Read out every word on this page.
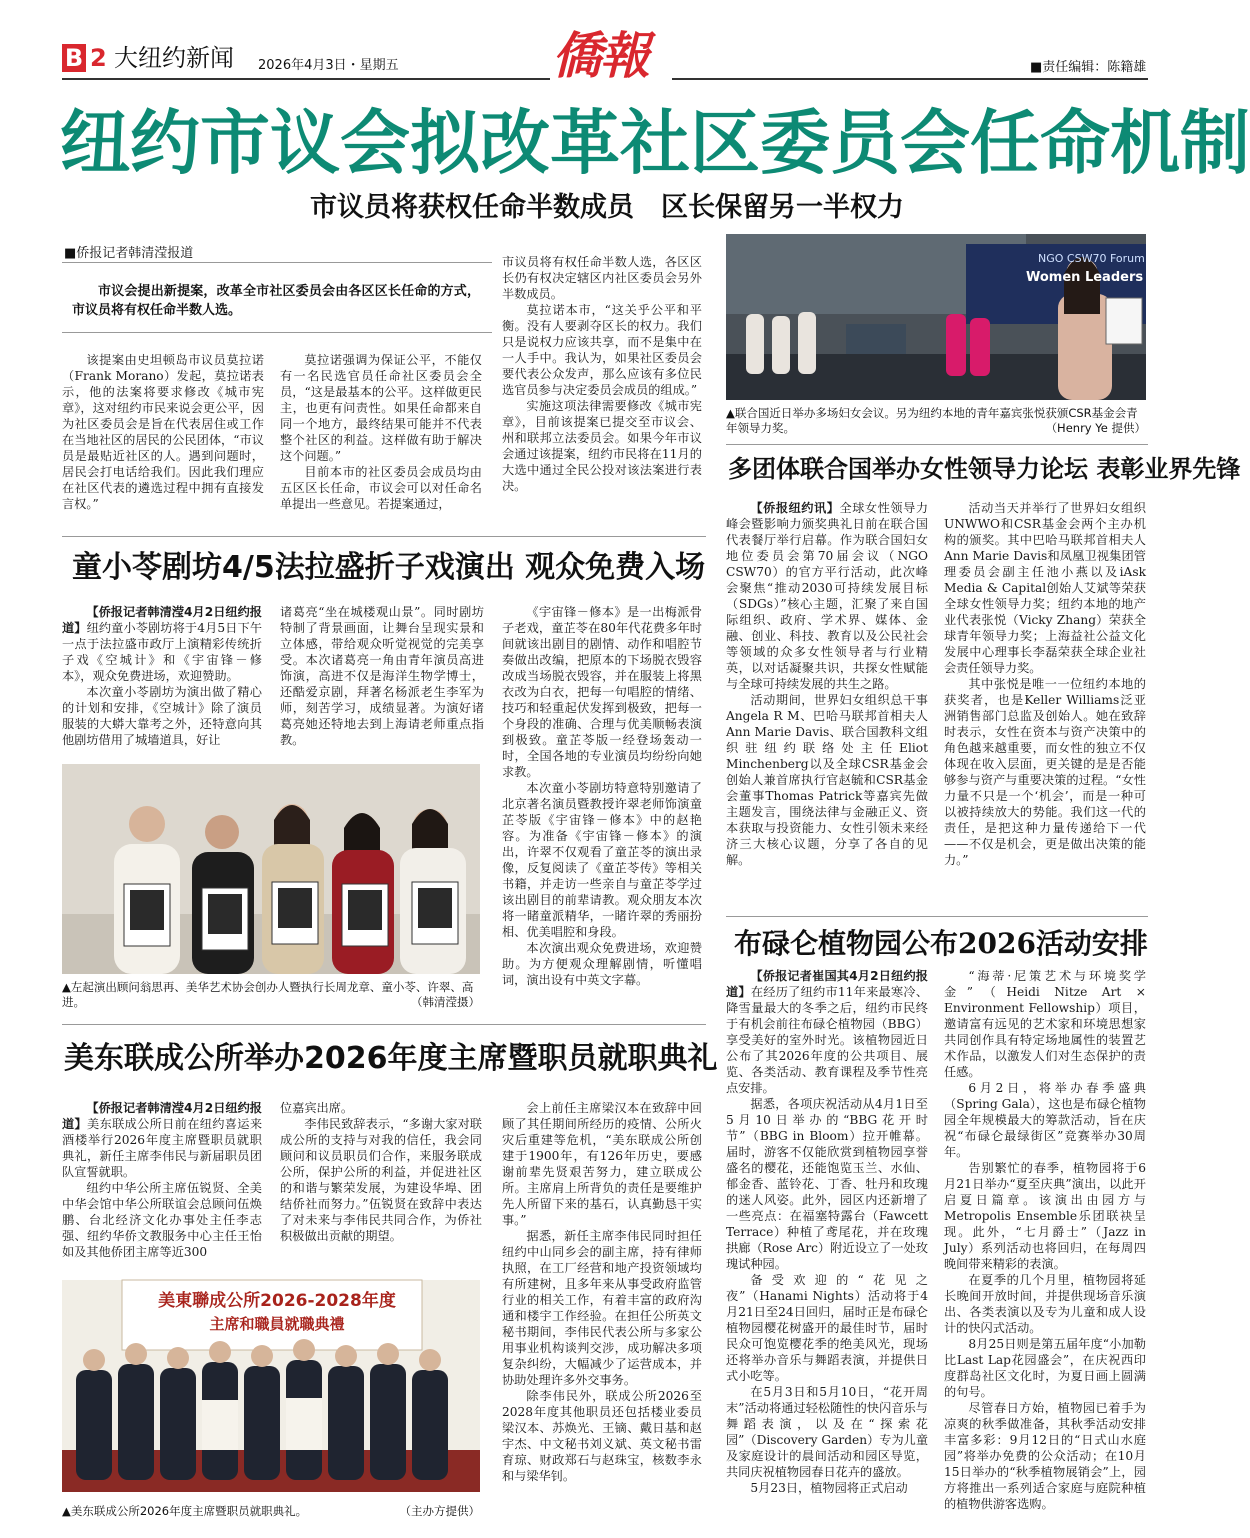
B 2 大纽约新闻 2026年4月3日・星期五	僑報	■责任编辑：陈籍雄
纽约市议会拟改革社区委员会任命机制
市议员将获权任命半数成员　区长保留另一半权力
■侨报记者韩清滢报道
市议会提出新提案，改革全市社区委员会由各区区长任命的方式，市议员将有权任命半数人选。

该提案由史坦顿岛市议员莫拉诺（Frank Morano）发起，莫拉诺表示，他的法案将要求修改《城市宪章》，这对纽约市民来说会更公平，因为社区委员会是旨在代表居住或工作在当地社区的居民的公民团体，“市议员是最贴近社区的人。遇到问题时，居民会打电话给我们。因此我们理应在社区代表的遴选过程中拥有直接发言权。”

莫拉诺强调为保证公平，不能仅有一名民选官员任命社区委员会全员，“这是最基本的公平。这样做更民主，也更有问责性。如果任命都来自同一个地方，最终结果可能并不代表整个社区的利益。这样做有助于解决这个问题。”

目前本市的社区委员会成员均由五区区长任命，市议会可以对任命名单提出一些意见。若提案通过，

市议员将有权任命半数人选，各区区长仍有权决定辖区内社区委员会另外半数成员。

莫拉诺本市，“这关乎公平和平衡。没有人要剥夺区长的权力。我们只是说权力应该共享，而不是集中在一人手中。我认为，如果社区委员会要代表公众发声，那么应该有多位民选官员参与决定委员会成员的组成。”

实施这项法律需要修改《城市宪章》，目前该提案已提交至市议会、州和联邦立法委员会。如果今年市议会通过该提案，纽约市民将在11月的大选中通过全民公投对该法案进行表决。

童小苓剧坊4/5法拉盛折子戏演出 观众免费入场

【侨报记者韩清滢4月2日纽约报道】纽约童小苓剧坊将于4月5日下午一点于法拉盛市政厅上演精彩传统折子戏《空城计》和《宇宙锋－修本》，观众免费进场，欢迎赞助。

本次童小苓剧坊为演出做了精心的计划和安排，《空城计》除了演员服装的大蟒大靠考之外，还特意向其他剧坊借用了城墙道具，好让

诸葛亮“坐在城楼观山景”。同时剧坊特制了背景画面，让舞台呈现实景和立体感，带给观众听觉视觉的完美享受。本次诸葛亮一角由青年演员高进饰演，高进不仅是海洋生物学博士，还酷爱京剧，拜著名杨派老生李军为师，刻苦学习，成绩显著。为演好诸葛亮她还特地去到上海请老师重点指教。

《宇宙锋－修本》是一出梅派骨子老戏，童芷苓在80年代花费多年时间就该出剧目的剧情、动作和唱腔节奏做出改编，把原本的下场脱衣毁容改成当场脱衣毁容，并在服装上将黑衣改为白衣，把每一句唱腔的情绪、技巧和轻重起伏发挥到极致，把每一个身段的准确、合理与优美顺畅表演到极致。童芷苓版一经登场轰动一时，全国各地的专业演员均纷纷向她求教。

本次童小苓剧坊特意特别邀请了北京著名演员暨教授许翠老师饰演童芷苓版《宇宙锋－修本》中的赵艳容。为准备《宇宙锋－修本》的演出，许翠不仅观看了童芷苓的演出录像，反复阅读了《童芷苓传》等相关书籍，并走访一些亲自与童芷苓学过该出剧目的前辈请教。观众朋友本次将一睹童派精华，一睹许翠的秀丽扮相、优美唱腔和身段。

本次演出观众免费进场，欢迎赞助。为方便观众理解剧情，听懂唱词，演出设有中英文字幕。

▲左起演出顾问翁思再、美华艺术协会创办人暨执行长周龙章、童小苓、许翠、高进。	（韩清滢摄）
美东联成公所举办2026年度主席暨职员就职典礼

【侨报记者韩清滢4月2日纽约报道】美东联成公所日前在纽约喜运来酒楼举行2026年度主席暨职员就职典礼，新任主席李伟民与新届职员团队宣誓就职。

纽约中华公所主席伍锐贤、全美中华会馆中华公所联谊会总顾问伍焕鹏、台北经济文化办事处主任李志强、纽约华侨文教服务中心主任王怡如及其他侨团主席等近300

位嘉宾出席。

李伟民致辞表示，“多谢大家对联成公所的支持与对我的信任，我会同顾问和议员职员们合作，来服务联成公所，保护公所的利益，并促进社区的和谐与繁荣发展，为建设华埠、团结侨社而努力。”伍锐贤在致辞中表达了对未来与李伟民共同合作，为侨社积极做出贡献的期望。

会上前任主席梁汉本在致辞中回顾了其任期间所经历的疫情、公所火灾后重建等危机，“美东联成公所创建于1900年，有126年历史，要感谢前辈先贤艰苦努力，建立联成公所。主席肩上所背负的责任是要维护先人所留下来的基石，认真勤恳干实事。”

据悉，新任主席李伟民同时担任纽约中山同乡会的副主席，持有律师执照，在工厂经营和地产投资领域均有所建树，且多年来从事受政府监管行业的相关工作，有着丰富的政府沟通和楼宇工作经验。在担任公所英文秘书期间，李伟民代表公所与多家公用事业机构谈判交涉，成功解决多项复杂纠纷，大幅减少了运营成本，并协助处理许多外交事务。

除李伟民外，联成公所2026至2028年度其他职员还包括楼业委员梁汉本、苏焕光、王镝、戴日基和赵宇杰、中文秘书刘义斌、英文秘书雷育琼、财政郑石与赵珠宝，核数李永和与梁华钊。

美東聯成公所2026-2028年度
主席和職員就職典禮
▲美东联成公所2026年度主席暨职员就职典礼。	（主办方提供）
NGO CSW70 Forum
Women Leaders Summit
▲联合国近日举办多场妇女会议。另为纽约本地的青年嘉宾张悦获颁CSR基金会青年领导力奖。	（Henry Ye 提供）
多团体联合国举办女性领导力论坛 表彰业界先锋

【侨报纽约讯】全球女性领导力峰会暨影响力颁奖典礼日前在联合国代表餐厅举行启幕。作为联合国妇女地位委员会第70届会议（NGO CSW70）的官方平行活动，此次峰会聚焦“推动2030可持续发展目标（SDGs）”核心主题，汇聚了来自国际组织、政府、学术界、媒体、金融、创业、科技、教育以及公民社会等领域的众多女性领导者与行业精英，以对话凝聚共识，共探女性赋能与全球可持续发展的共生之路。

活动期间，世界妇女组织总干事Angela R M、巴哈马联邦首相夫人Ann Marie Davis、联合国教科文组织驻纽约联络处主任Eliot Minchenberg以及全球CSR基金会创始人兼首席执行官赵毓和CSR基金会董事Thomas Patrick等嘉宾先做主题发言，围绕法律与金融正义、资本获取与投资能力、女性引领未来经济三大核心议题，分享了各自的见解。

活动当天并举行了世界妇女组织UNWWO和CSR基金会两个主办机构的颁奖。其中巴哈马联邦首相夫人Ann Marie Davis和凤凰卫视集团管理委员会副主任池小燕以及iAsk Media & Capital创始人艾斌等荣获全球女性领导力奖；纽约本地的地产业代表张悦（Vicky Zhang）荣获全球青年领导力奖；上海益社公益文化发展中心理事长李磊荣获全球企业社会责任领导力奖。

其中张悦是唯一一位纽约本地的获奖者，也是Keller Williams泛亚洲销售部门总监及创始人。她在致辞时表示，女性在资本与资产决策中的角色越来越重要，而女性的独立不仅体现在收入层面，更关键的是是否能够参与资产与重要决策的过程。“女性力量不只是一个‘机会’，而是一种可以被持续放大的势能。我们这一代的责任，是把这种力量传递给下一代——不仅是机会，更是做出决策的能力。”

布碌仑植物园公布2026活动安排

【侨报记者崔国其4月2日纽约报道】在经历了纽约市11年来最寒冷、降雪量最大的冬季之后，纽约市民终于有机会前往布碌仑植物园（BBG）享受美好的室外时光。该植物园近日公布了其2026年度的公共项目、展览、各类活动、教育课程及季节性亮点安排。

据悉，各项庆祝活动从4月1日至5月10日举办的“BBG花开时节”（BBG in Bloom）拉开帷幕。届时，游客不仅能欣赏到植物园享誉盛名的樱花，还能饱览玉兰、水仙、郁金香、蓝铃花、丁香、牡丹和玫瑰的迷人风姿。此外，园区内还新增了一些亮点：在福塞特露台（Fawcett Terrace）种植了鸢尾花，并在玫瑰拱廊（Rose Arc）附近设立了一处玫瑰试种园。

备受欢迎的“花见之夜”（Hanami Nights）活动将于4月21日至24日回归，届时正是布碌仑植物园樱花树盛开的最佳时节，届时民众可饱览樱花季的绝美风光，现场还将举办音乐与舞蹈表演，并提供日式小吃等。

在5月3日和5月10日，“花开周末”活动将通过轻松随性的快闪音乐与舞蹈表演，以及在“探索花园”（Discovery Garden）专为儿童及家庭设计的晨间活动和园区导览，共同庆祝植物园春日花卉的盛放。

5月23日，植物园将正式启动

“海蒂·尼策艺术与环境奖学金”（Heidi Nitze Art × Environment Fellowship）项目，邀请富有远见的艺术家和环境思想家共同创作具有特定场地属性的装置艺术作品，以激发人们对生态保护的责任感。

6月2日，将举办春季盛典（Spring Gala），这也是布碌仑植物园全年规模最大的筹款活动，旨在庆祝“布碌仑最绿街区”竞赛举办30周年。

告别繁忙的春季，植物园将于6月21日举办“夏至庆典”演出，以此开启夏日篇章。该演出由园方与Metropolis Ensemble乐团联袂呈现。此外，“七月爵士”（Jazz in July）系列活动也将回归，在每周四晚间带来精彩的表演。

在夏季的几个月里，植物园将延长晚间开放时间，并提供现场音乐演出、各类表演以及专为儿童和成人设计的快闪式活动。

8月25日则是第五届年度“小加勒比Last Lap花园盛会”，在庆祝西印度群岛社区文化时，为夏日画上圆满的句号。

尽管春日方始，植物园已着手为凉爽的秋季做准备，其秋季活动安排丰富多彩：9月12日的“日式山水庭园”将举办免费的公众活动；在10月15日举办的“秋季植物展销会”上，园方将推出一系列适合家庭与庭院种植的植物供游客选购。
